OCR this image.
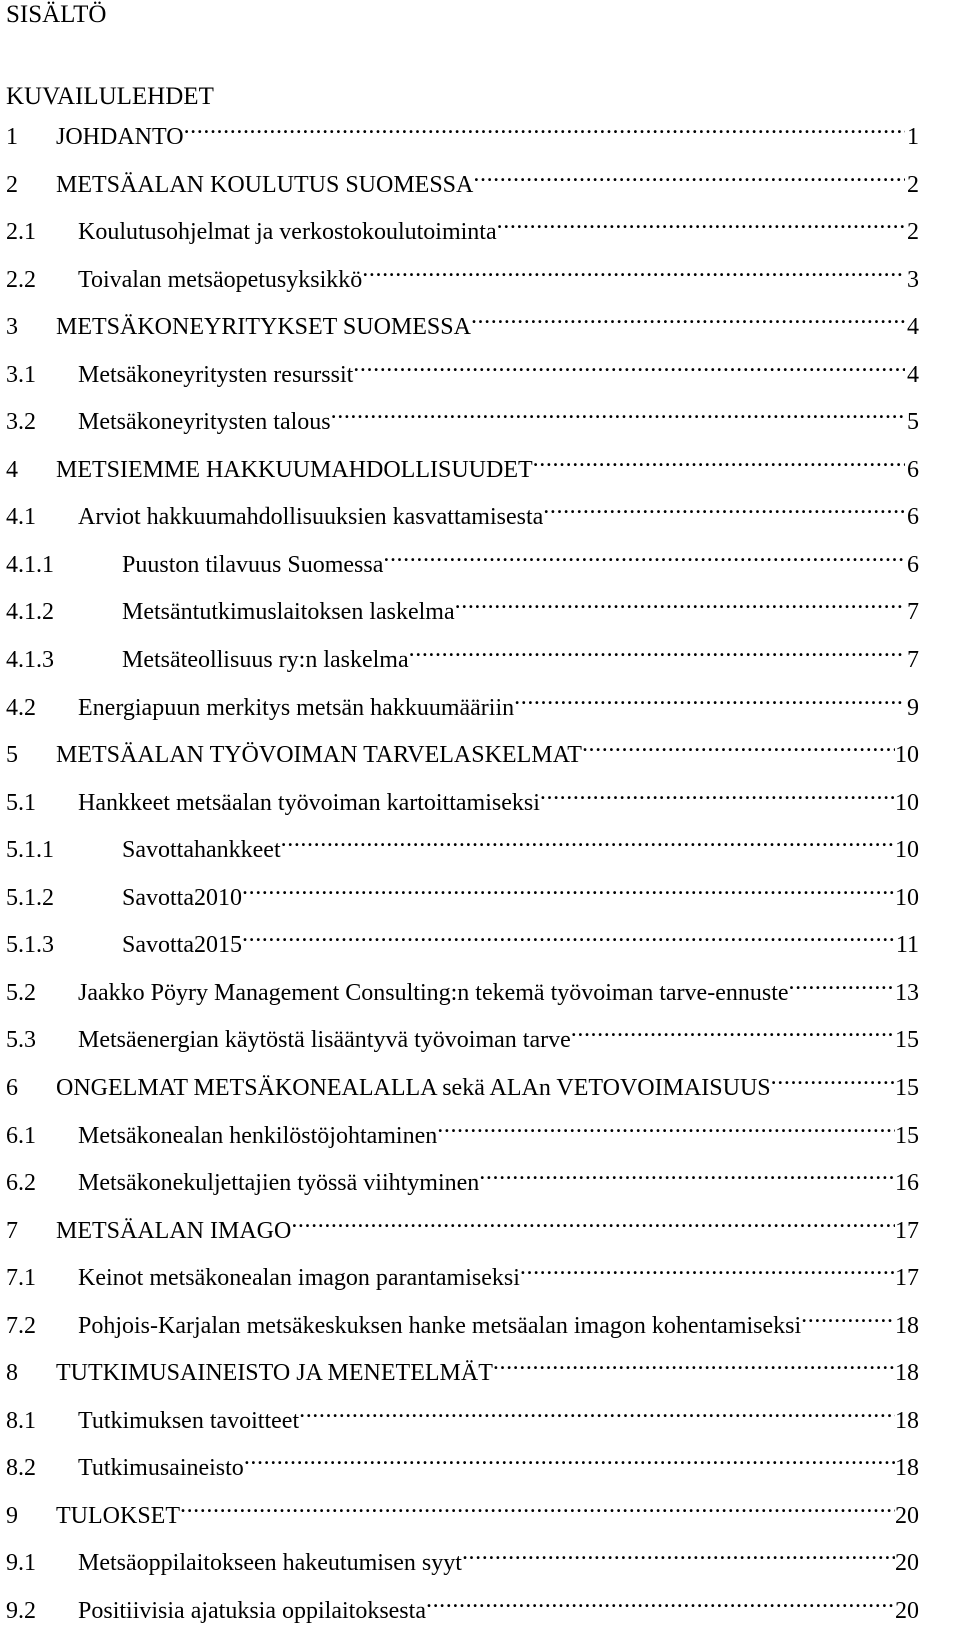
SISÄLTÖ
KUVAILULEHDET
1	JOHDANTO .....	1
2	METSÄALAN KOULUTUS SUOMESSA .....	2
2.1	Koulutusohjelmat ja verkostokoulutoiminta .....	2
2.2	Toivalan metsäopetusyksikkö .....	3
3	METSÄKONEYRITYKSET SUOMESSA .....	4
3.1	Metsäkoneyritysten resurssit .....	4
3.2	Metsäkoneyritysten talous .....	5
4	METSIEMME HAKKUUMAHDOLLISUUDET .....	6
4.1	Arviot hakkuumahdollisuuksien kasvattamisesta .....	6
4.1.1	Puuston tilavuus Suomessa .....	6
4.1.2	Metsäntutkimuslaitoksen laskelma .....	7
4.1.3	Metsäteollisuus ry:n laskelma .....	7
4.2	Energiapuun merkitys metsän hakkuumääriin .....	9
5	METSÄALAN TYÖVOIMAN TARVELASKELMAT .....	10
5.1	Hankkeet metsäalan työvoiman kartoittamiseksi .....	10
5.1.1	Savottahankkeet .....	10
5.1.2	Savotta2010 .....	10
5.1.3	Savotta2015 .....	11
5.2	Jaakko Pöyry Management Consulting:n tekemä työvoiman tarve-ennuste .....	13
5.3	Metsäenergian käytöstä lisääntyvä työvoiman tarve .....	15
6	ONGELMAT METSÄKONEALALLA sekä ALAn VETOVOIMAISUUS .....	15
6.1	Metsäkonealan henkilöstöjohtaminen .....	15
6.2	Metsäkonekuljettajien työssä viihtyminen .....	16
7	METSÄALAN IMAGO .....	17
7.1	Keinot metsäkonealan imagon parantamiseksi .....	17
7.2	Pohjois-Karjalan metsäkeskuksen hanke metsäalan imagon kohentamiseksi .....	18
8	TUTKIMUSAINEISTO JA MENETELMÄT .....	18
8.1	Tutkimuksen tavoitteet .....	18
8.2	Tutkimusaineisto .....	18
9	TULOKSET .....	20
9.1	Metsäoppilaitokseen hakeutumisen syyt .....	20
9.2	Positiivisia ajatuksia oppilaitoksesta .....	20
